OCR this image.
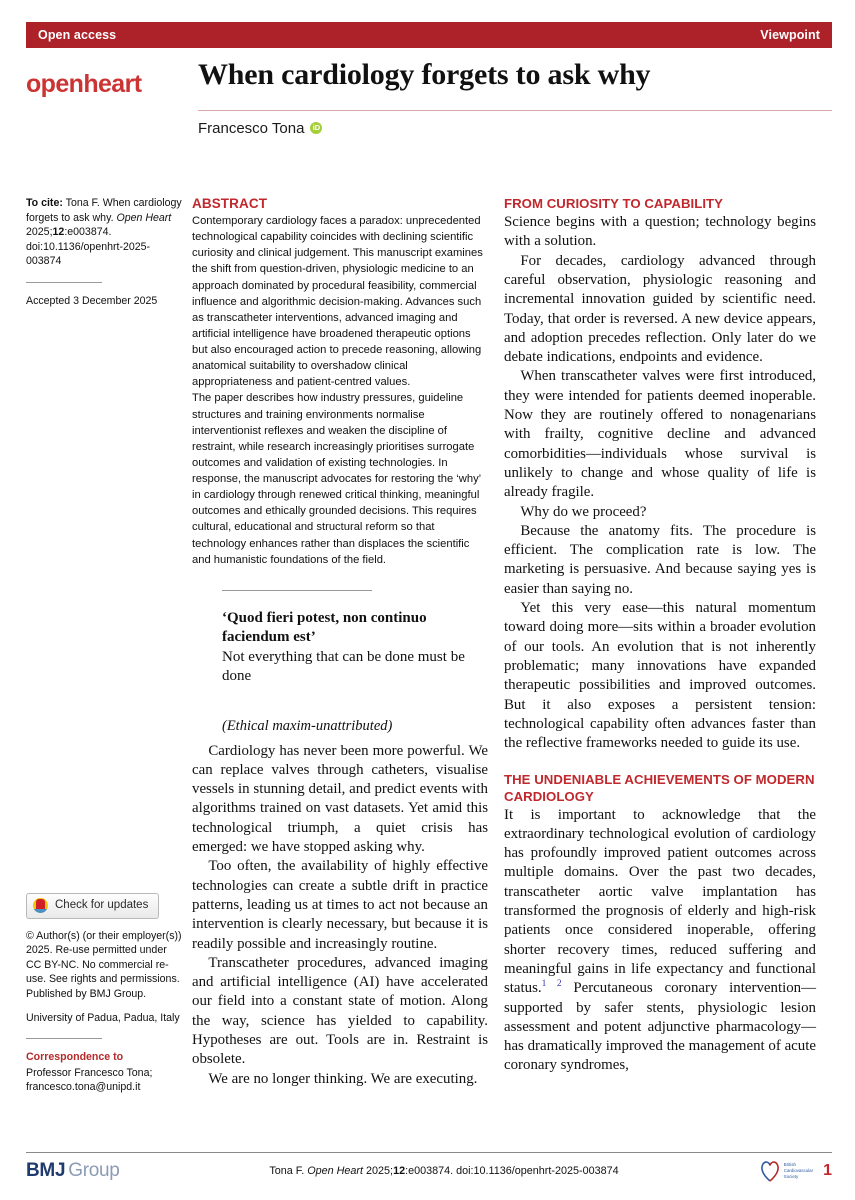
Open access	Viewpoint
openheart	When cardiology forgets to ask why
Francesco Tona	iD

To cite: Tona F. When cardiology forgets to ask why. Open Heart 2025;12:e003874. doi:10.1136/openhrt-2025-003874

Accepted 3 December 2025

Check for updates

© Author(s) (or their employer(s)) 2025. Re-use permitted under CC BY-NC. No commercial re-use. See rights and permissions. Published by BMJ Group.

University of Padua, Padua, Italy

Correspondence to

Professor Francesco Tona; francesco.tona@unipd.it

ABSTRACT

Contemporary cardiology faces a paradox: unprecedented technological capability coincides with declining scientific curiosity and clinical judgement. This manuscript examines the shift from question-driven, physiologic medicine to an approach dominated by procedural feasibility, commercial influence and algorithmic decision-making. Advances such as transcatheter interventions, advanced imaging and artificial intelligence have broadened therapeutic options but also encouraged action to precede reasoning, allowing anatomical suitability to overshadow clinical appropriateness and patient-centred values.

The paper describes how industry pressures, guideline structures and training environments normalise interventionist reflexes and weaken the discipline of restraint, while research increasingly prioritises surrogate outcomes and validation of existing technologies. In response, the manuscript advocates for restoring the ‘why’ in cardiology through renewed critical thinking, meaningful outcomes and ethically grounded decisions. This requires cultural, educational and structural reform so that technology enhances rather than displaces the scientific and humanistic foundations of the field.

‘Quod fieri potest, non continuo faciendum est’
Not everything that can be done must be done
(Ethical maxim-unattributed)

Cardiology has never been more powerful. We can replace valves through catheters, visualise vessels in stunning detail, and predict events with algorithms trained on vast datasets. Yet amid this technological triumph, a quiet crisis has emerged: we have stopped asking why.

Too often, the availability of highly effective technologies can create a subtle drift in practice patterns, leading us at times to act not because an intervention is clearly necessary, but because it is readily possible and increasingly routine.

Transcatheter procedures, advanced imaging and artificial intelligence (AI) have accelerated our field into a constant state of motion. Along the way, science has yielded to capability. Hypotheses are out. Tools are in. Restraint is obsolete.

We are no longer thinking. We are executing.

FROM CURIOSITY TO CAPABILITY

Science begins with a question; technology begins with a solution.

For decades, cardiology advanced through careful observation, physiologic reasoning and incremental innovation guided by scientific need. Today, that order is reversed. A new device appears, and adoption precedes reflection. Only later do we debate indications, endpoints and evidence.

When transcatheter valves were first introduced, they were intended for patients deemed inoperable. Now they are routinely offered to nonagenarians with frailty, cognitive decline and advanced comorbidities—individuals whose survival is unlikely to change and whose quality of life is already fragile.

Why do we proceed?

Because the anatomy fits. The procedure is efficient. The complication rate is low. The marketing is persuasive. And because saying yes is easier than saying no.

Yet this very ease—this natural momentum toward doing more—sits within a broader evolution of our tools. An evolution that is not inherently problematic; many innovations have expanded therapeutic possibilities and improved outcomes. But it also exposes a persistent tension: technological capability often advances faster than the reflective frameworks needed to guide its use.

THE UNDENIABLE ACHIEVEMENTS OF MODERN CARDIOLOGY

It is important to acknowledge that the extraordinary technological evolution of cardiology has profoundly improved patient outcomes across multiple domains. Over the past two decades, transcatheter aortic valve implantation has transformed the prognosis of elderly and high-risk patients once considered inoperable, offering shorter recovery times, reduced suffering and meaningful gains in life expectancy and functional status.$^{1 2}$ Percutaneous coronary intervention—supported by safer stents, physiologic lesion assessment and potent adjunctive pharmacology—has dramatically improved the management of acute coronary syndromes,

BMJ Group	Tona F. Open Heart 2025;12:e003874. doi:10.1136/openhrt-2025-003874
British
Cardiovascular
Society	1
